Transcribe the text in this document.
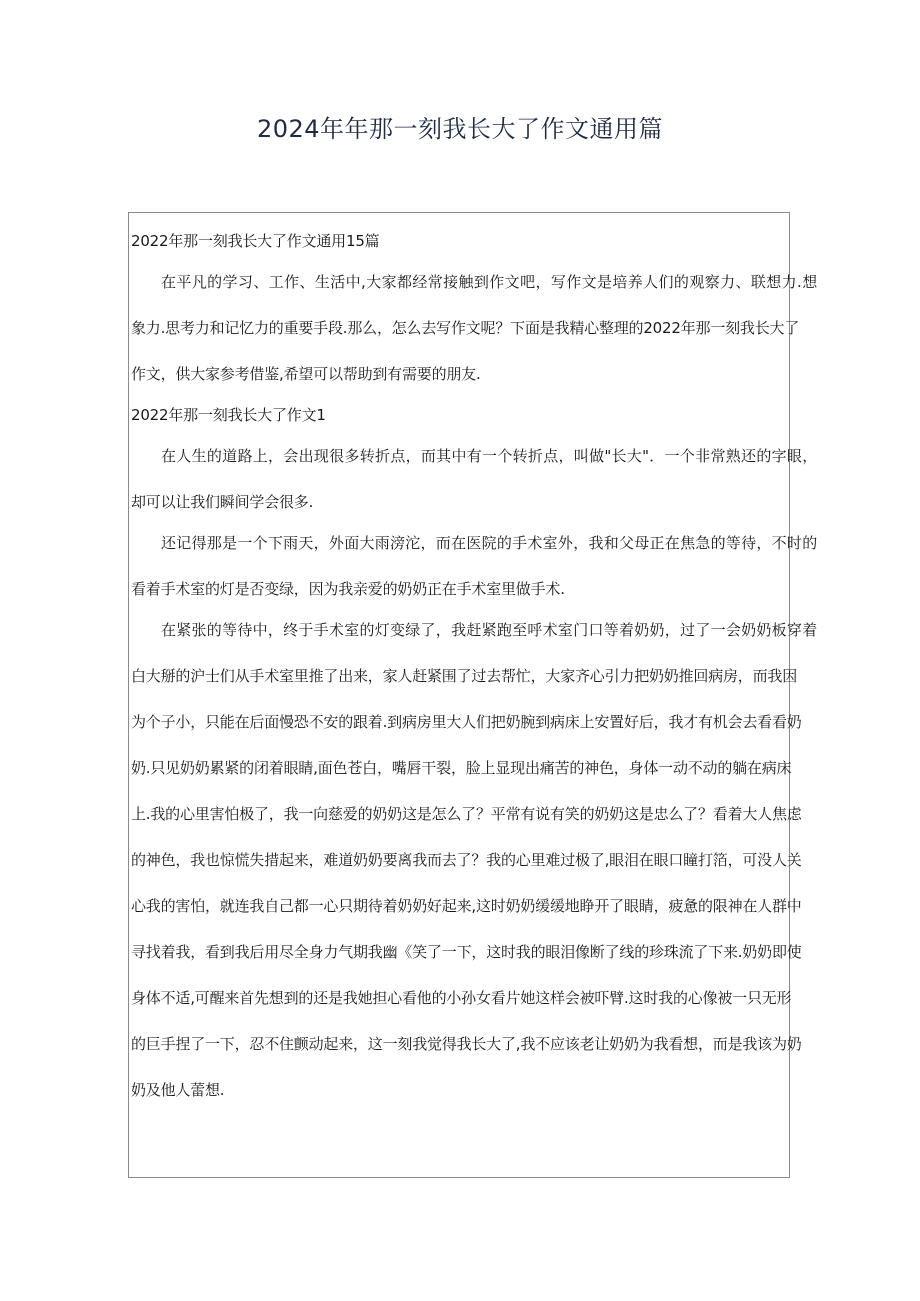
2024年年那一刻我长大了作文通用篇

2022年那一刻我长大了作文通用15篇

在平凡的学习、工作、生活中,大家都经常接触到作文吧，写作文是培养人们的观察力、联想力.想

象力.思考力和记忆力的重要手段.那么，怎么去写作文呢？下面是我精心整理的2022年那一刻我长大了

作文，供大家参考借鉴,希望可以帮助到有需要的朋友.

2022年那一刻我长大了作文1

在人生的道路上，会出现很多转折点，而其中有一个转折点，叫做"长大"．一个非常熟还的字眼，

却可以让我们瞬间学会很多.

还记得那是一个下雨天，外面大雨滂沱，而在医院的手术室外，我和父母正在焦急的等待，不时的

看着手术室的灯是否变绿，因为我亲爱的奶奶正在手术室里做手术.

在紧张的等待中，终于手术室的灯变绿了，我赶紧跑至呼术室门口等着奶奶，过了一会奶奶板穿着

白大掰的沪士们从手术室里推了出来，家人赶紧围了过去帮忙，大家齐心引力把奶奶推回病房，而我因

为个子小，只能在后面慢恐不安的跟着.到病房里大人们把奶腕到病床上安置好后，我才有机会去看看奶

奶.只见奶奶累紧的闭着眼睛,面色苍白，嘴唇干裂，脸上显现出痛苦的神色，身体一动不动的躺在病床

上.我的心里害怕极了，我一向慈爱的奶奶这是怎么了？平常有说有笑的奶奶这是忠么了？看着大人焦虑

的神色，我也惊慌失措起来，难道奶奶要离我而去了？我的心里难过极了,眼泪在眼口瞳打箔，可没人关

心我的害怕，就连我自己都一心只期待着奶奶好起来,这时奶奶缓缓地睁开了眼睛，疲惫的限神在人群中

寻找着我，看到我后用尽全身力气期我幽《笑了一下，这时我的眼泪像断了线的珍珠流了下来.奶奶即使

身体不适,可醒来首先想到的还是我她担心看他的小孙女看片她这样会被吓臂.这时我的心像被一只无形

的巨手捏了一下，忍不住颤动起来，这一刻我觉得我长大了,我不应该老让奶奶为我看想，而是我该为奶

奶及他人蕾想.
